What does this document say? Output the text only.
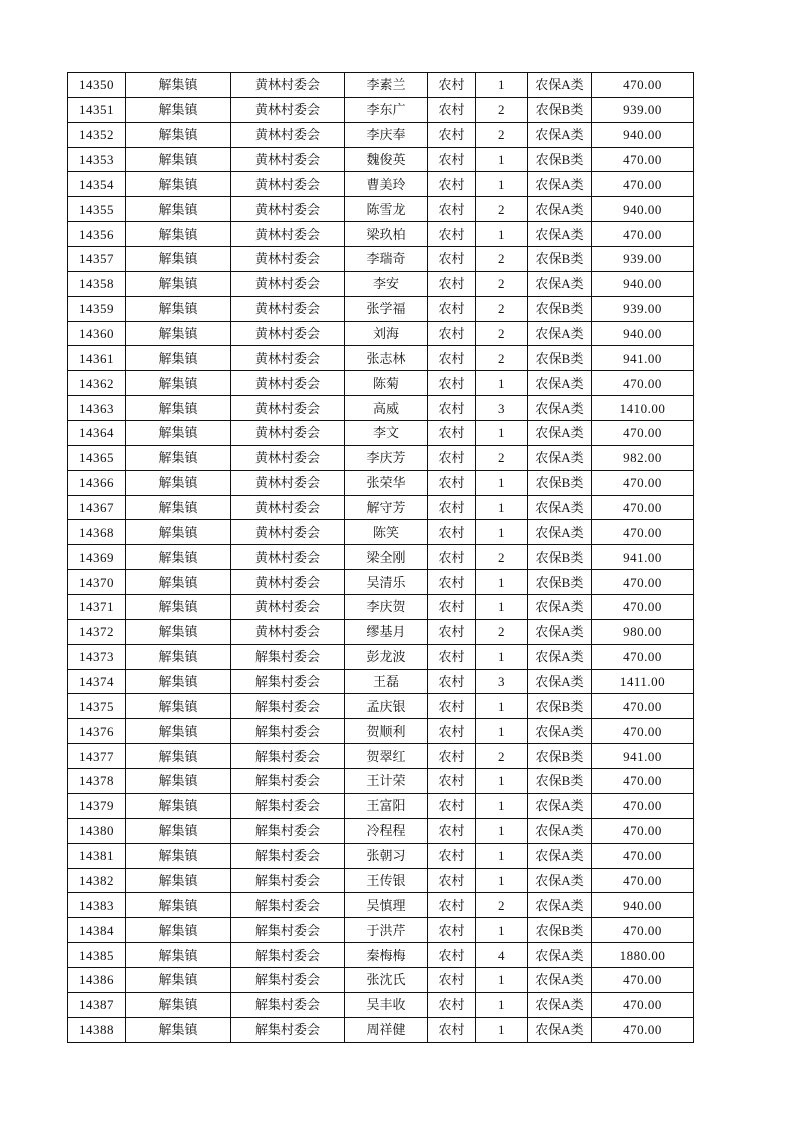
14350	解集镇	黄林村委会	李素兰	农村	1	农保A类	470.00
14351	解集镇	黄林村委会	李东广	农村	2	农保B类	939.00
14352	解集镇	黄林村委会	李庆奉	农村	2	农保A类	940.00
14353	解集镇	黄林村委会	魏俊英	农村	1	农保B类	470.00
14354	解集镇	黄林村委会	曹美玲	农村	1	农保A类	470.00
14355	解集镇	黄林村委会	陈雪龙	农村	2	农保A类	940.00
14356	解集镇	黄林村委会	梁玖柏	农村	1	农保A类	470.00
14357	解集镇	黄林村委会	李瑞奇	农村	2	农保B类	939.00
14358	解集镇	黄林村委会	李安	农村	2	农保A类	940.00
14359	解集镇	黄林村委会	张学福	农村	2	农保B类	939.00
14360	解集镇	黄林村委会	刘海	农村	2	农保A类	940.00
14361	解集镇	黄林村委会	张志林	农村	2	农保B类	941.00
14362	解集镇	黄林村委会	陈菊	农村	1	农保A类	470.00
14363	解集镇	黄林村委会	高威	农村	3	农保A类	1410.00
14364	解集镇	黄林村委会	李文	农村	1	农保A类	470.00
14365	解集镇	黄林村委会	李庆芳	农村	2	农保A类	982.00
14366	解集镇	黄林村委会	张荣华	农村	1	农保B类	470.00
14367	解集镇	黄林村委会	解守芳	农村	1	农保A类	470.00
14368	解集镇	黄林村委会	陈笑	农村	1	农保A类	470.00
14369	解集镇	黄林村委会	梁全刚	农村	2	农保B类	941.00
14370	解集镇	黄林村委会	吴清乐	农村	1	农保B类	470.00
14371	解集镇	黄林村委会	李庆贺	农村	1	农保A类	470.00
14372	解集镇	黄林村委会	缪基月	农村	2	农保A类	980.00
14373	解集镇	解集村委会	彭龙波	农村	1	农保A类	470.00
14374	解集镇	解集村委会	王磊	农村	3	农保A类	1411.00
14375	解集镇	解集村委会	孟庆银	农村	1	农保B类	470.00
14376	解集镇	解集村委会	贺顺利	农村	1	农保A类	470.00
14377	解集镇	解集村委会	贺翠红	农村	2	农保B类	941.00
14378	解集镇	解集村委会	王计荣	农村	1	农保B类	470.00
14379	解集镇	解集村委会	王富阳	农村	1	农保A类	470.00
14380	解集镇	解集村委会	冷程程	农村	1	农保A类	470.00
14381	解集镇	解集村委会	张朝习	农村	1	农保A类	470.00
14382	解集镇	解集村委会	王传银	农村	1	农保A类	470.00
14383	解集镇	解集村委会	吴慎理	农村	2	农保A类	940.00
14384	解集镇	解集村委会	于洪芹	农村	1	农保B类	470.00
14385	解集镇	解集村委会	秦梅梅	农村	4	农保A类	1880.00
14386	解集镇	解集村委会	张沈氏	农村	1	农保A类	470.00
14387	解集镇	解集村委会	吴丰收	农村	1	农保A类	470.00
14388	解集镇	解集村委会	周祥健	农村	1	农保A类	470.00
